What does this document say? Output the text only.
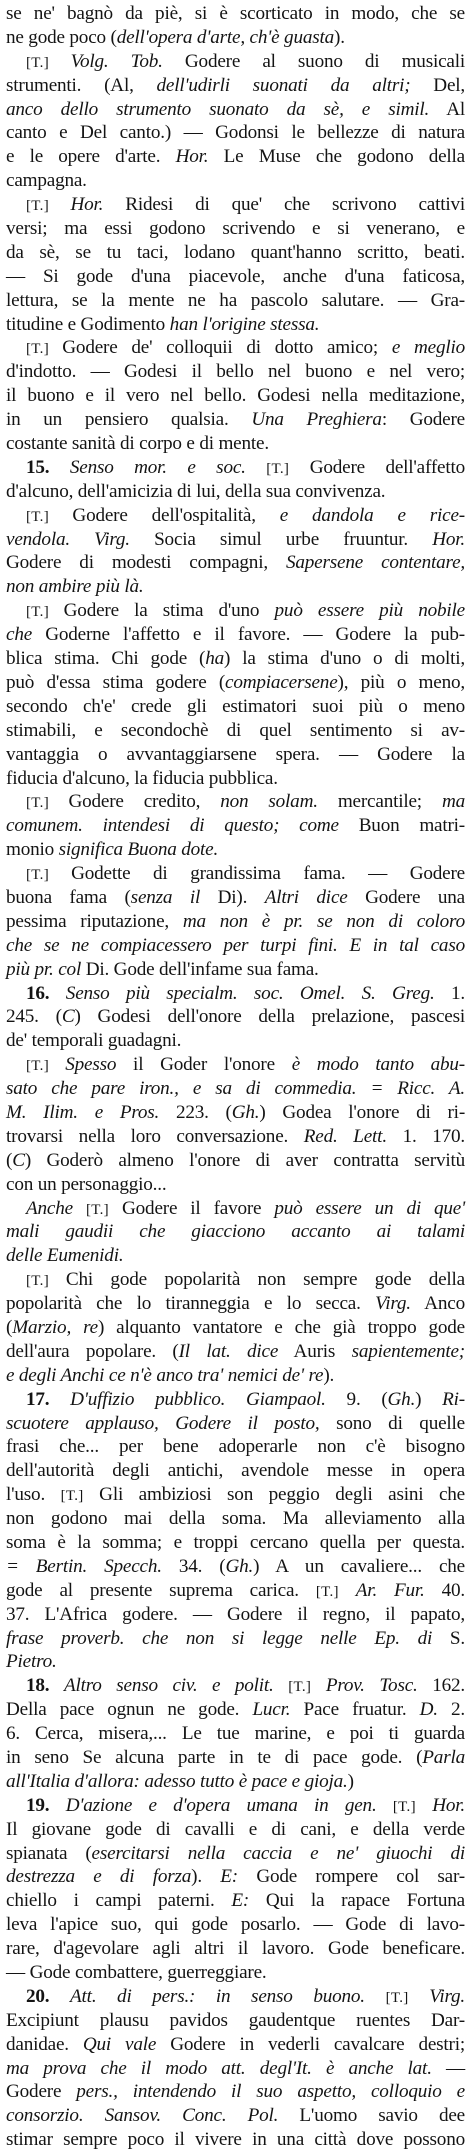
se ne' bagnò da piè, si è scorticato in modo, che se
ne gode poco (dell'opera d'arte, ch'è guasta).
[T.] Volg. Tob. Godere al suono di musicali
strumenti. (Al, dell'udirli suonati da altri; Del,
anco dello strumento suonato da sè, e simil. Al
canto e Del canto.) — Godonsi le bellezze di natura
e le opere d'arte. Hor. Le Muse che godono della
campagna.
[T.] Hor. Ridesi di que' che scrivono cattivi
versi; ma essi godono scrivendo e si venerano, e
da sè, se tu taci, lodano quant'hanno scritto, beati.
— Si gode d'una piacevole, anche d'una faticosa,
lettura, se la mente ne ha pascolo salutare. — Gra-
titudine e Godimento han l'origine stessa.
[T.] Godere de' colloquii di dotto amico; e meglio
d'indotto. — Godesi il bello nel buono e nel vero;
il buono e il vero nel bello. Godesi nella meditazione,
in un pensiero qualsia. Una Preghiera: Godere
costante sanità di corpo e di mente.
15. Senso mor. e soc. [T.] Godere dell'affetto
d'alcuno, dell'amicizia di lui, della sua convivenza.
[T.] Godere dell'ospitalità, e dandola e rice-
vendola. Virg. Socia simul urbe fruuntur. Hor.
Godere di modesti compagni, Sapersene contentare,
non ambire più là.
[T.] Godere la stima d'uno può essere più nobile
che Goderne l'affetto e il favore. — Godere la pub-
blica stima. Chi gode (ha) la stima d'uno o di molti,
può d'essa stima godere (compiacersene), più o meno,
secondo ch'e' crede gli estimatori suoi più o meno
stimabili, e secondochè di quel sentimento si av-
vantaggia o avvantaggiarsene spera. — Godere la
fiducia d'alcuno, la fiducia pubblica.
[T.] Godere credito, non solam. mercantile; ma
comunem. intendesi di questo; come Buon matri-
monio significa Buona dote.
[T.] Godette di grandissima fama. — Godere
buona fama (senza il Di). Altri dice Godere una
pessima riputazione, ma non è pr. se non di coloro
che se ne compiacessero per turpi fini. E in tal caso
più pr. col Di. Gode dell'infame sua fama.
16. Senso più specialm. soc. Omel. S. Greg. 1.
245. (C) Godesi dell'onore della prelazione, pascesi
de' temporali guadagni.
[T.] Spesso il Goder l'onore è modo tanto abu-
sato che pare iron., e sa di commedia. = Ricc. A.
M. Ilim. e Pros. 223. (Gh.) Godea l'onore di ri-
trovarsi nella loro conversazione. Red. Lett. 1. 170.
(C) Goderò almeno l'onore di aver contratta servitù
con un personaggio...
Anche [T.] Godere il favore può essere un di que'
mali gaudii che giacciono accanto ai talami
delle Eumenidi.
[T.] Chi gode popolarità non sempre gode della
popolarità che lo tiranneggia e lo secca. Virg. Anco
(Marzio, re) alquanto vantatore e che già troppo gode
dell'aura popolare. (Il lat. dice Auris sapientemente;
e degli Anchi ce n'è anco tra' nemici de' re).
17. D'uffizio pubblico. Giampaol. 9. (Gh.) Ri-
scuotere applauso, Godere il posto, sono di quelle
frasi che... per bene adoperarle non c'è bisogno
dell'autorità degli antichi, avendole messe in opera
l'uso. [T.] Gli ambiziosi son peggio degli asini che
non godono mai della soma. Ma alleviamento alla
soma è la somma; e troppi cercano quella per questa.
= Bertin. Specch. 34. (Gh.) A un cavaliere... che
gode al presente suprema carica. [T.] Ar. Fur. 40.
37. L'Africa godere. — Godere il regno, il papato,
frase proverb. che non si legge nelle Ep. di S.
Pietro.
18. Altro senso civ. e polit. [T.] Prov. Tosc. 162.
Della pace ognun ne gode. Lucr. Pace fruatur. D. 2.
6. Cerca, misera,... Le tue marine, e poi ti guarda
in seno Se alcuna parte in te di pace gode. (Parla
all'Italia d'allora: adesso tutto è pace e gioja.)
19. D'azione e d'opera umana in gen. [T.] Hor.
Il giovane gode di cavalli e di cani, e della verde
spianata (esercitarsi nella caccia e ne' giuochi di
destrezza e di forza). E: Gode rompere col sar-
chiello i campi paterni. E: Qui la rapace Fortuna
leva l'apice suo, qui gode posarlo. — Gode di lavo-
rare, d'agevolare agli altri il lavoro. Gode beneficare.
— Gode combattere, guerreggiare.
20. Att. di pers.: in senso buono. [T.] Virg.
Excipiunt plausu pavidos gaudentque ruentes Dar-
danidae. Qui vale Godere in vederli cavalcare destri;
ma prova che il modo att. degl'It. è anche lat. —
Godere pers., intendendo il suo aspetto, colloquio e
consorzio. Sansov. Conc. Pol. L'uomo savio dee
stimar sempre poco il vivere in una città dove possono
